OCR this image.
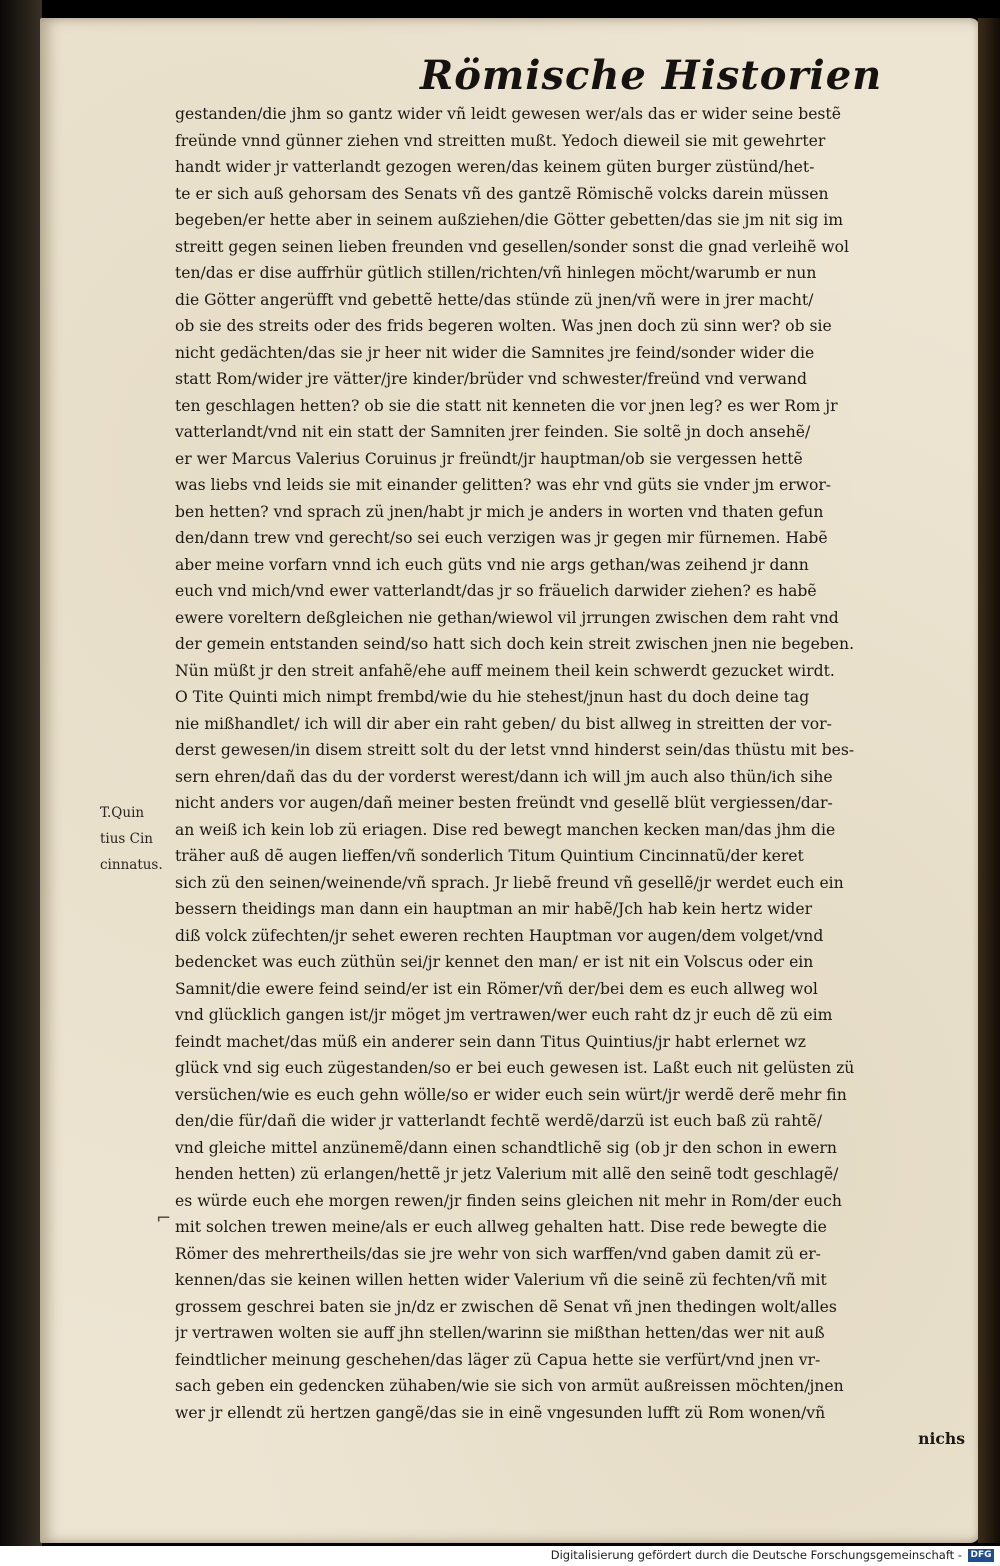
Römische Historien
T.Quin
tius Cin
cinnatus.
⌐
gestanden/die jhm so gantz wider vñ leidt gewesen wer/als das er wider seine bestẽ
freünde vnnd günner ziehen vnd streitten mußt. Yedoch dieweil sie mit gewehrter
handt wider jr vatterlandt gezogen weren/das keinem güten burger züstünd/het-
te er sich auß gehorsam des Senats vñ des gantzẽ Römischẽ volcks darein müssen
begeben/er hette aber in seinem außziehen/die Götter gebetten/das sie jm nit sig im
streitt gegen seinen lieben freunden vnd gesellen/sonder sonst die gnad verleihẽ wol
ten/das er dise auffrhür gütlich stillen/richten/vñ hinlegen möcht/warumb er nun
die Götter angerüfft vnd gebettẽ hette/das stünde zü jnen/vñ were in jrer macht/
ob sie des streits oder des frids begeren wolten. Was jnen doch zü sinn wer? ob sie
nicht gedächten/das sie jr heer nit wider die Samnites jre feind/sonder wider die
statt Rom/wider jre vätter/jre kinder/brüder vnd schwester/freünd vnd verwand
ten geschlagen hetten? ob sie die statt nit kenneten die vor jnen leg? es wer Rom jr
vatterlandt/vnd nit ein statt der Samniten jrer feinden. Sie soltẽ jn doch ansehẽ/
er wer Marcus Valerius Coruinus jr freündt/jr hauptman/ob sie vergessen hettẽ
was liebs vnd leids sie mit einander gelitten? was ehr vnd güts sie vnder jm erwor-
ben hetten? vnd sprach zü jnen/habt jr mich je anders in worten vnd thaten gefun
den/dann trew vnd gerecht/so sei euch verzigen was jr gegen mir fürnemen. Habẽ
aber meine vorfarn vnnd ich euch güts vnd nie args gethan/was zeihend jr dann
euch vnd mich/vnd ewer vatterlandt/das jr so fräuelich darwider ziehen? es habẽ
ewere voreltern deßgleichen nie gethan/wiewol vil jrrungen zwischen dem raht vnd
der gemein entstanden seind/so hatt sich doch kein streit zwischen jnen nie begeben.
Nün müßt jr den streit anfahẽ/ehe auff meinem theil kein schwerdt gezucket wirdt.
O Tite Quinti mich nimpt frembd/wie du hie stehest/jnun hast du doch deine tag
nie mißhandlet/ ich will dir aber ein raht geben/ du bist allweg in streitten der vor-
derst gewesen/in disem streitt solt du der letst vnnd hinderst sein/das thüstu mit bes-
sern ehren/dañ das du der vorderst werest/dann ich will jm auch also thün/ich sihe
nicht anders vor augen/dañ meiner besten freündt vnd gesellẽ blüt vergiessen/dar-
an weiß ich kein lob zü eriagen. Dise red bewegt manchen kecken man/das jhm die
träher auß dẽ augen lieffen/vñ sonderlich Titum Quintium Cincinnatũ/der keret
sich zü den seinen/weinende/vñ sprach. Jr liebẽ freund vñ gesellẽ/jr werdet euch ein
bessern theidings man dann ein hauptman an mir habẽ/Jch hab kein hertz wider
diß volck züfechten/jr sehet eweren rechten Hauptman vor augen/dem volget/vnd
bedencket was euch züthün sei/jr kennet den man/ er ist nit ein Volscus oder ein
Samnit/die ewere feind seind/er ist ein Römer/vñ der/bei dem es euch allweg wol
vnd glücklich gangen ist/jr möget jm vertrawen/wer euch raht dz jr euch dẽ zü eim
feindt machet/das müß ein anderer sein dann Titus Quintius/jr habt erlernet wz
glück vnd sig euch zügestanden/so er bei euch gewesen ist. Laßt euch nit gelüsten zü
versüchen/wie es euch gehn wölle/so er wider euch sein würt/jr werdẽ derẽ mehr fin
den/die für/dañ die wider jr vatterlandt fechtẽ werdẽ/darzü ist euch baß zü rahtẽ/
vnd gleiche mittel anzünemẽ/dann einen schandtlichẽ sig (ob jr den schon in ewern
henden hetten) zü erlangen/hettẽ jr jetz Valerium mit allẽ den seinẽ todt geschlagẽ/
es würde euch ehe morgen rewen/jr finden seins gleichen nit mehr in Rom/der euch
mit solchen trewen meine/als er euch allweg gehalten hatt. Dise rede bewegte die
Römer des mehrertheils/das sie jre wehr von sich warffen/vnd gaben damit zü er-
kennen/das sie keinen willen hetten wider Valerium vñ die seinẽ zü fechten/vñ mit
grossem geschrei baten sie jn/dz er zwischen dẽ Senat vñ jnen thedingen wolt/alles
jr vertrawen wolten sie auff jhn stellen/warinn sie mißthan hetten/das wer nit auß
feindtlicher meinung geschehen/das läger zü Capua hette sie verfürt/vnd jnen vr-
sach geben ein gedencken zühaben/wie sie sich von armüt außreissen möchten/jnen
wer jr ellendt zü hertzen gangẽ/das sie in einẽ vngesunden lufft zü Rom wonen/vñ
nichs
Digitalisierung gefördert durch die Deutsche Forschungsgemeinschaft - DFG
